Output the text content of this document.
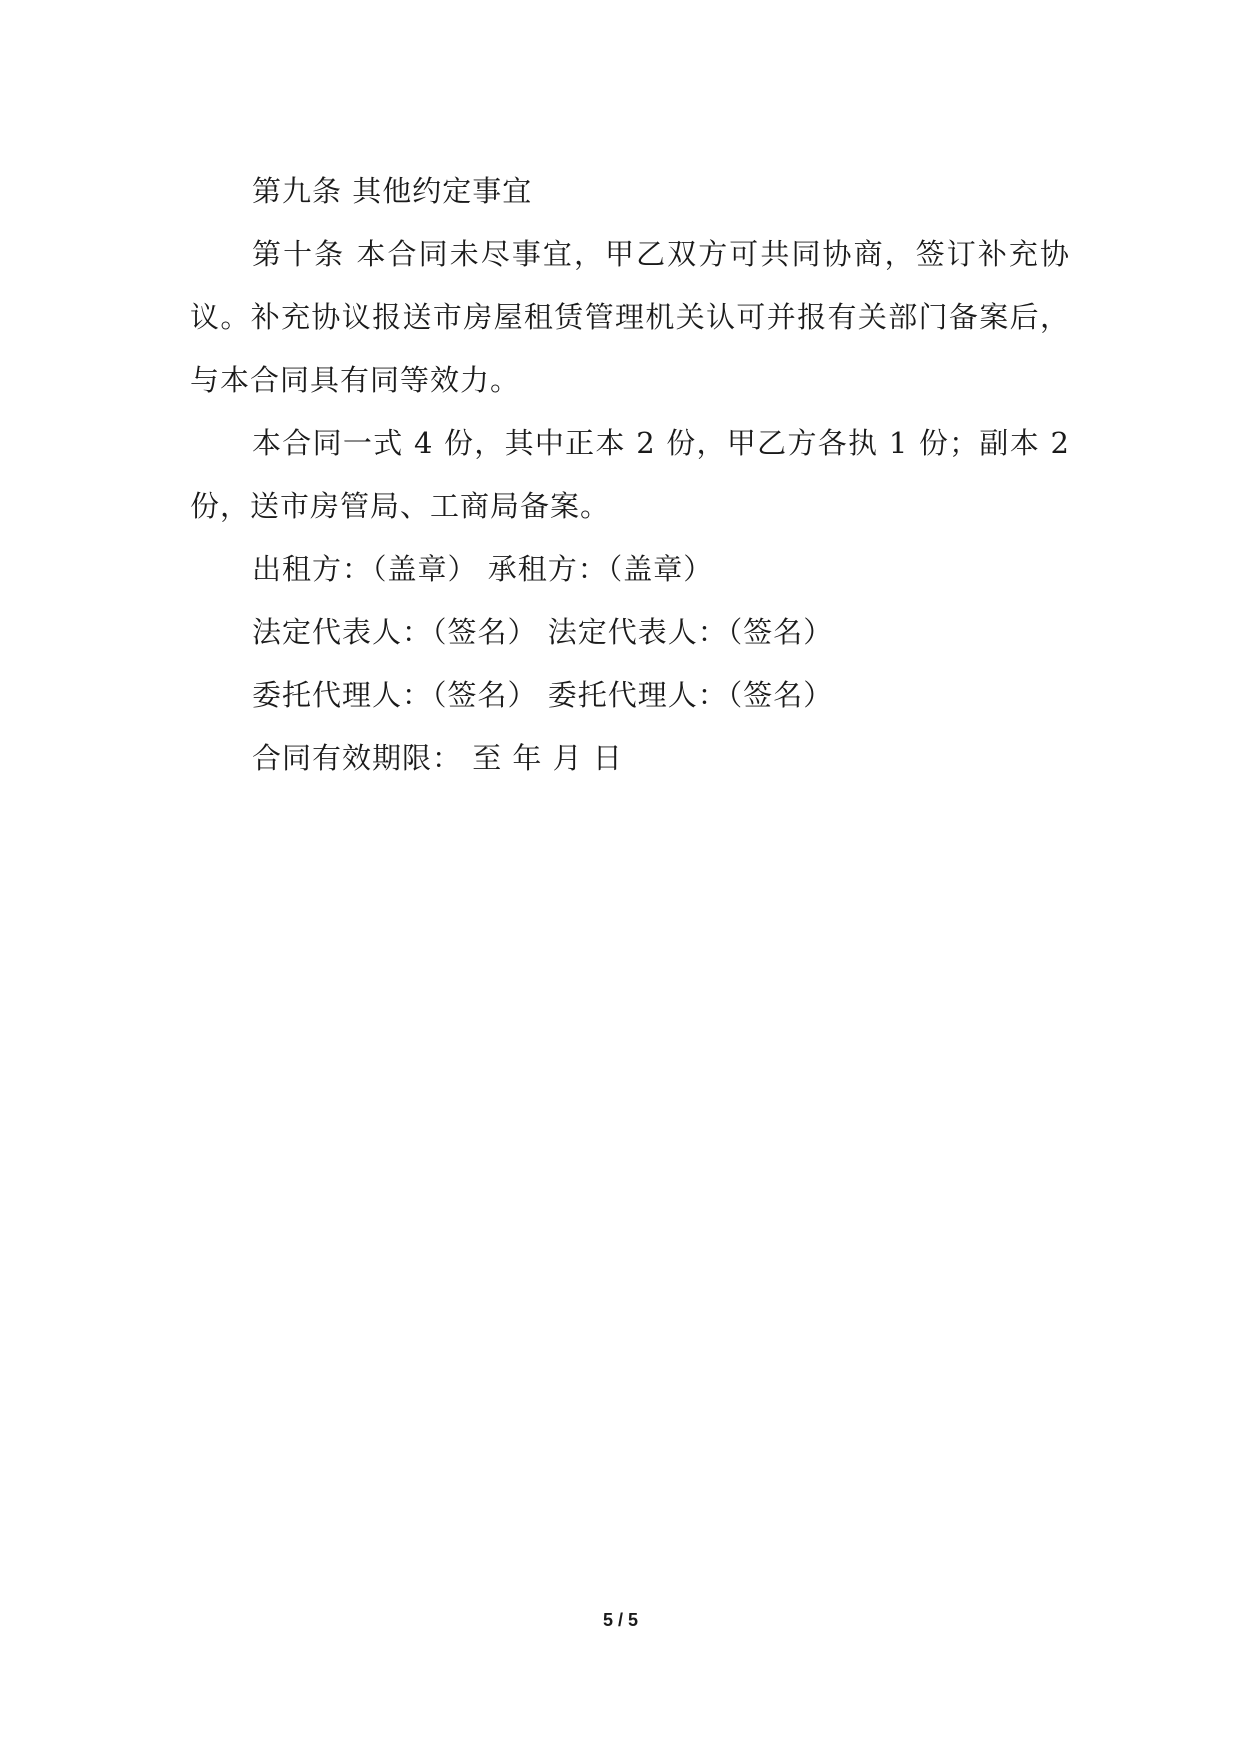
第九条 其他约定事宜

第十条 本合同未尽事宜，甲乙双方可共同协商，签订补充协议。补充协议报送市房屋租赁管理机关认可并报有关部门备案后，与本合同具有同等效力。

本合同一式 4 份，其中正本 2 份，甲乙方各执 1 份；副本 2 份，送市房管局、工商局备案。

出租方：（盖章） 承租方：（盖章）

法定代表人：（签名） 法定代表人：（签名）

委托代理人：（签名） 委托代理人：（签名）

合同有效期限： 至 年 月 日

5 / 5
